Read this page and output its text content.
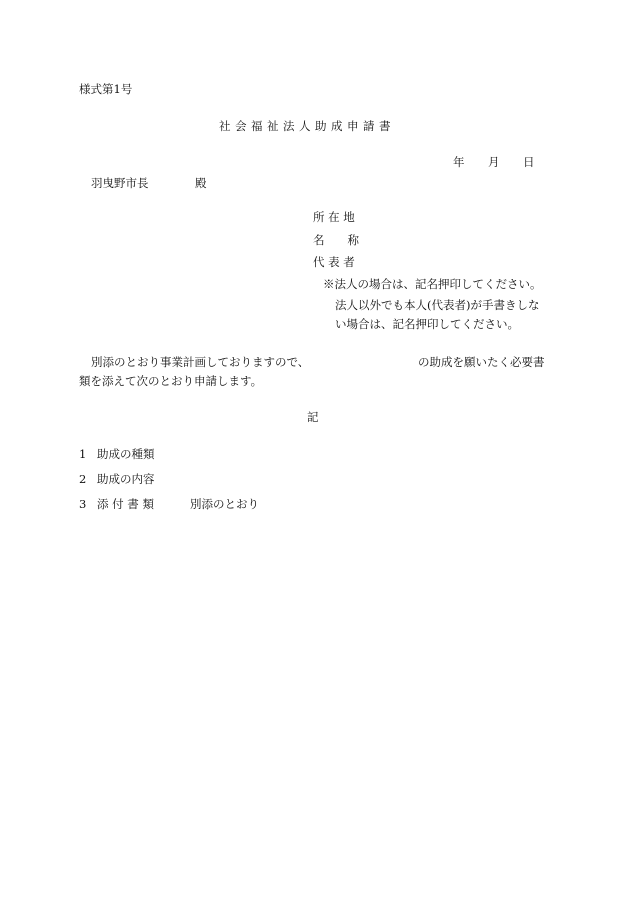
様式第1号
社会福祉法人助成申請書
年 月 日
羽曳野市長	殿
所 在 地
名　　称
代 表 者
※法人の場合は、記名押印してください。
法人以外でも本人(代表者)が手書きしな
い場合は、記名押印してください。
別添のとおり事業計画しておりますので、	の助成を願いたく必要書
類を添えて次のとおり申請します。
記
1 助成の種類
2 助成の内容
3 添 付 書 類	別添のとおり
